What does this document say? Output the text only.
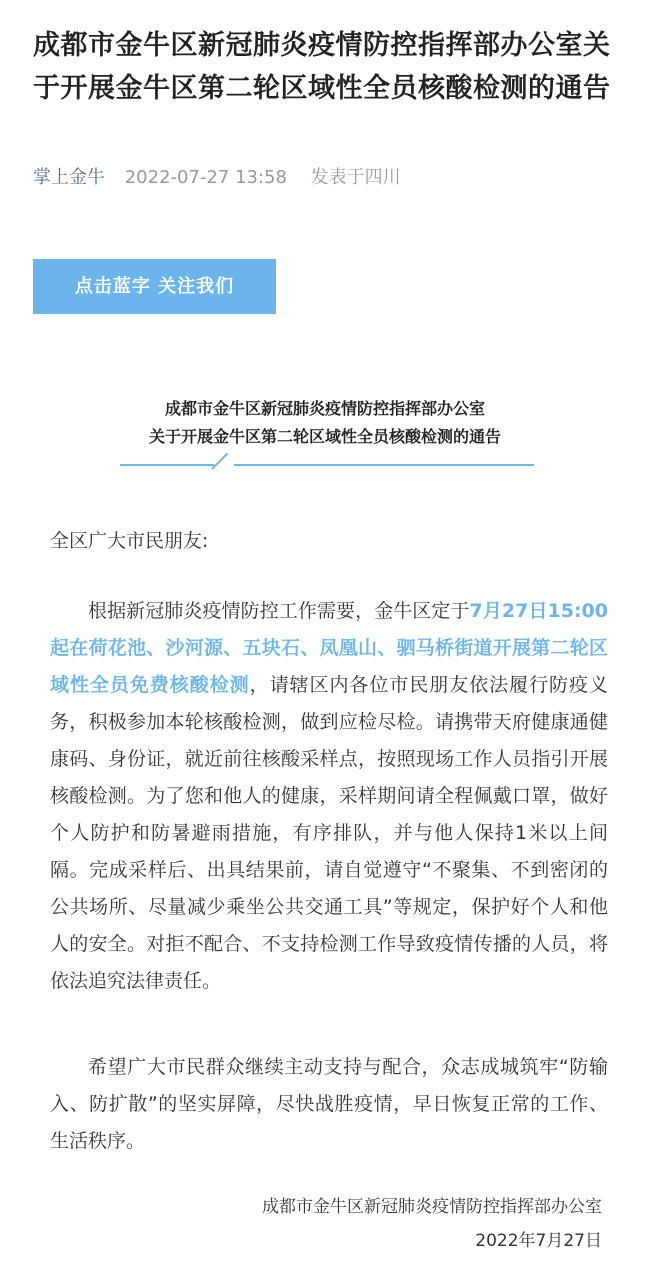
成都市金牛区新冠肺炎疫情防控指挥部办公室关于开展金牛区第二轮区域性全员核酸检测的通告
掌上金牛 2022-07-27 13:58 发表于四川
点击蓝字 关注我们
成都市金牛区新冠肺炎疫情防控指挥部办公室
关于开展金牛区第二轮区域性全员核酸检测的通告

全区广大市民朋友:

根据新冠肺炎疫情防控工作需要，金牛区定于7月27日15:00起在荷花池、沙河源、五块石、凤凰山、驷马桥街道开展第二轮区域性全员免费核酸检测，请辖区内各位市民朋友依法履行防疫义务，积极参加本轮核酸检测，做到应检尽检。请携带天府健康通健康码、身份证，就近前往核酸采样点，按照现场工作人员指引开展核酸检测。为了您和他人的健康，采样期间请全程佩戴口罩，做好个人防护和防暑避雨措施，有序排队，并与他人保持1米以上间隔。完成采样后、出具结果前，请自觉遵守“不聚集、不到密闭的公共场所、尽量减少乘坐公共交通工具”等规定，保护好个人和他人的安全。对拒不配合、不支持检测工作导致疫情传播的人员，将依法追究法律责任。

希望广大市民群众继续主动支持与配合，众志成城筑牢“防输入、防扩散”的坚实屏障，尽快战胜疫情，早日恢复正常的工作、生活秩序。

成都市金牛区新冠肺炎疫情防控指挥部办公室
2022年7月27日
